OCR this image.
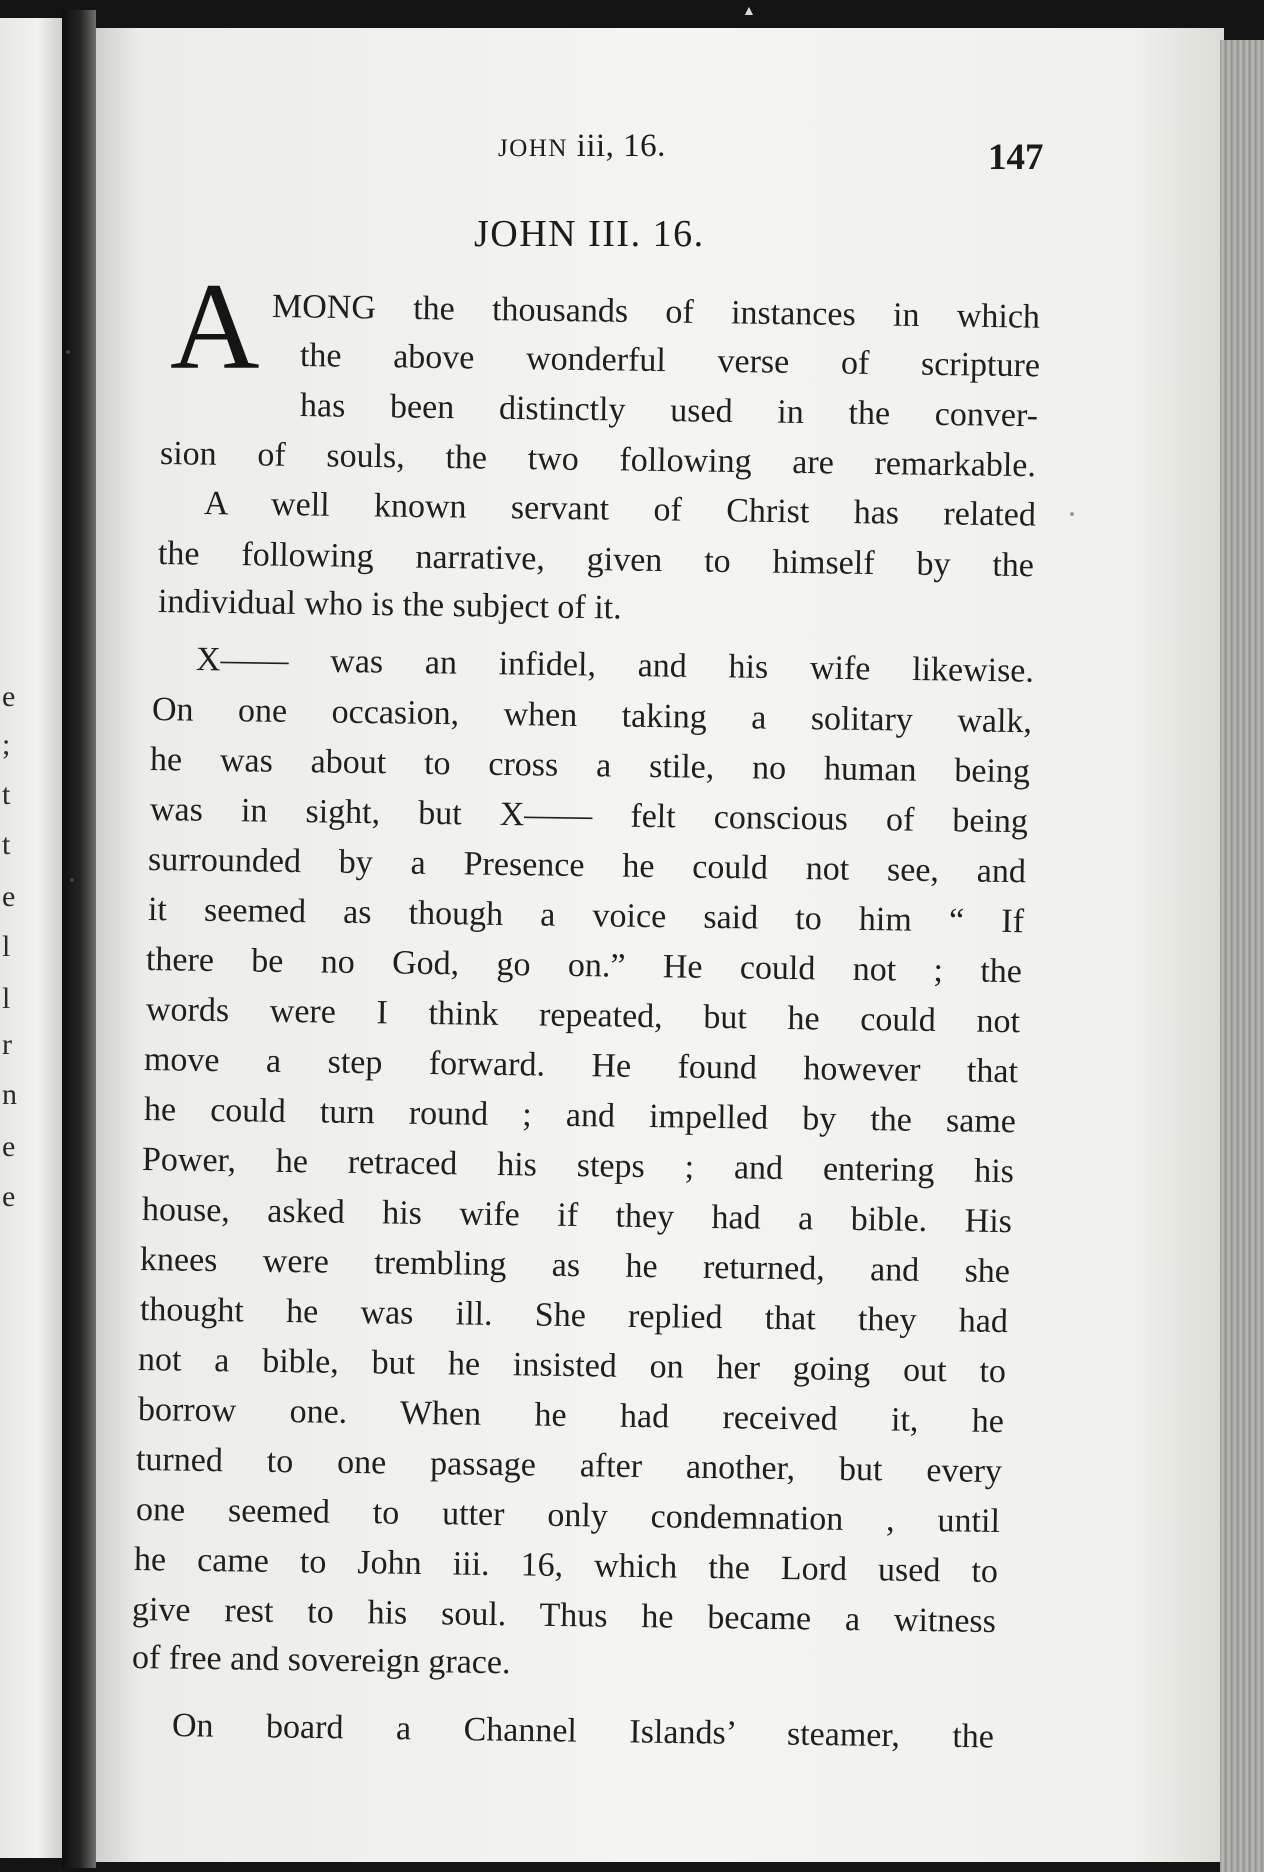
▲
e
;
t
t
e
l
l
r
n
e
e
JOHN iii, 16.	147
JOHN III. 16.
A MONG the thousands of instances in which
the above wonderful verse of scripture
has been distinctly used in the conver-
sion of souls, the two following are remarkable.
A well known servant of Christ has related
the following narrative, given to himself by the
individual who is the subject of it.
X—— was an infidel, and his wife likewise.
On one occasion, when taking a solitary walk,
he was about to cross a stile, no human being
was in sight, but X—— felt conscious of being
surrounded by a Presence he could not see, and
it seemed as though a voice said to him “ If
there be no God, go on.” He could not ; the
words were I think repeated, but he could not
move a step forward. He found however that
he could turn round ; and impelled by the same
Power, he retraced his steps ; and entering his
house, asked his wife if they had a bible. His
knees were trembling as he returned, and she
thought he was ill. She replied that they had
not a bible, but he insisted on her going out to
borrow one. When he had received it, he
turned to one passage after another, but every
one seemed to utter only condemnation , until
he came to John iii. 16, which the Lord used to
give rest to his soul. Thus he became a witness
of free and sovereign grace.
On board a Channel Islands’ steamer, the
